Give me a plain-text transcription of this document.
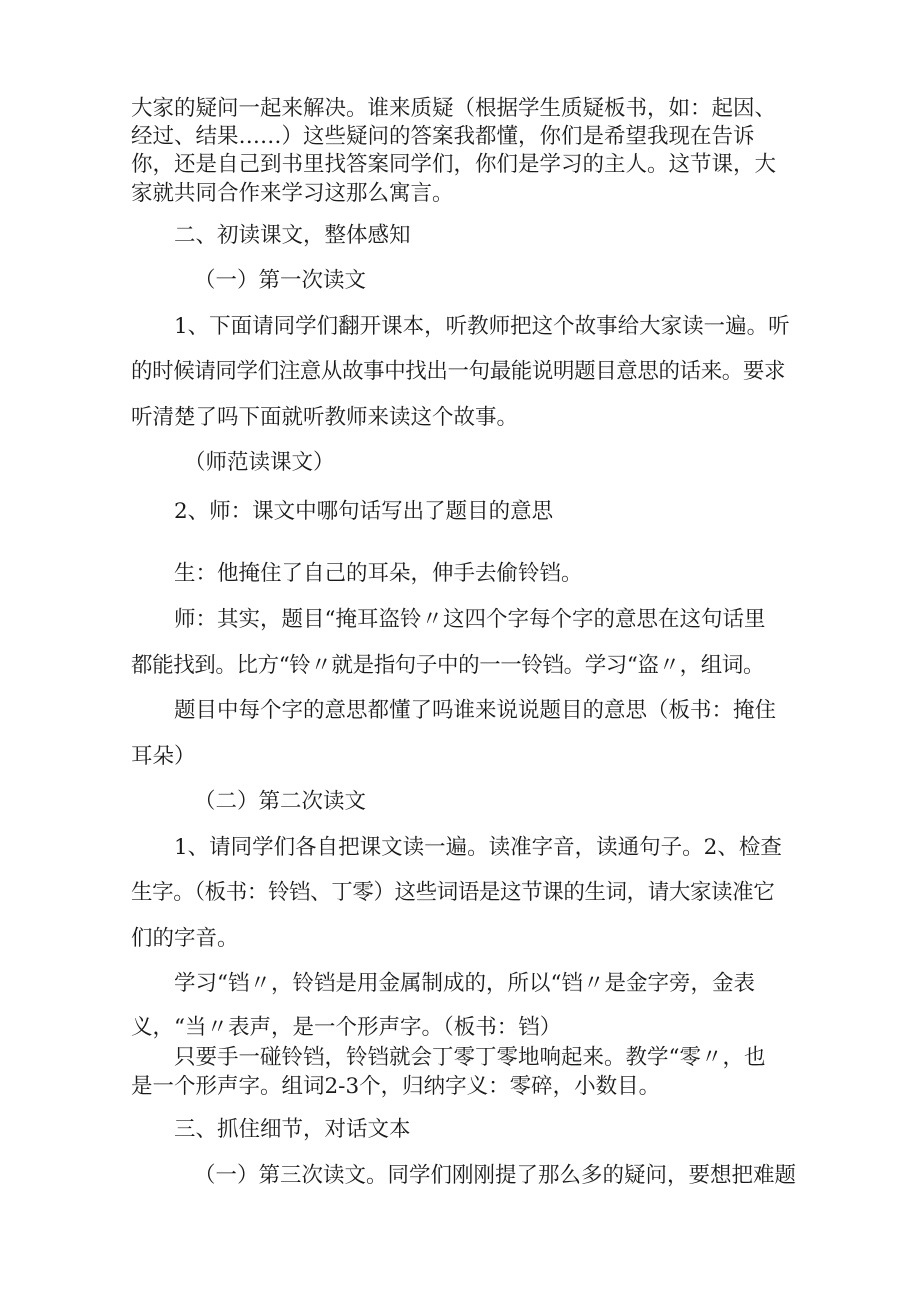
大家的疑问一起来解决。谁来质疑（根据学生质疑板书，如：起因、
经过、结果……）这些疑问的答案我都懂，你们是希望我现在告诉
你，还是自己到书里找答案同学们，你们是学习的主人。这节课，大
家就共同合作来学习这那么寓言。
二、初读课文，整体感知
（一）第一次读文
1、下面请同学们翻开课本，听教师把这个故事给大家读一遍。听
的时候请同学们注意从故事中找出一句最能说明题目意思的话来。要求
听清楚了吗下面就听教师来读这个故事。
（师范读课文）
2、师：课文中哪句话写出了题目的意思
生：他掩住了自己的耳朵，伸手去偷铃铛。
师：其实，题目“掩耳盗铃〃这四个字每个字的意思在这句话里
都能找到。比方“铃〃就是指句子中的一一铃铛。学习“盗〃，组词。
题目中每个字的意思都懂了吗谁来说说题目的意思（板书：掩住
耳朵）
（二）第二次读文
1、请同学们各自把课文读一遍。读准字音，读通句子。2、检查
生字。（板书：铃铛、丁零）这些词语是这节课的生词，请大家读准它
们的字音。
学习“铛〃，铃铛是用金属制成的，所以“铛〃是金字旁，金表
义，“当〃表声，是一个形声字。（板书：铛）
只要手一碰铃铛，铃铛就会丁零丁零地响起来。教学“零〃，也
是一个形声字。组词2-3个，归纳字义：零碎，小数目。
三、抓住细节，对话文本
（一）第三次读文。同学们刚刚提了那么多的疑问，要想把难题
